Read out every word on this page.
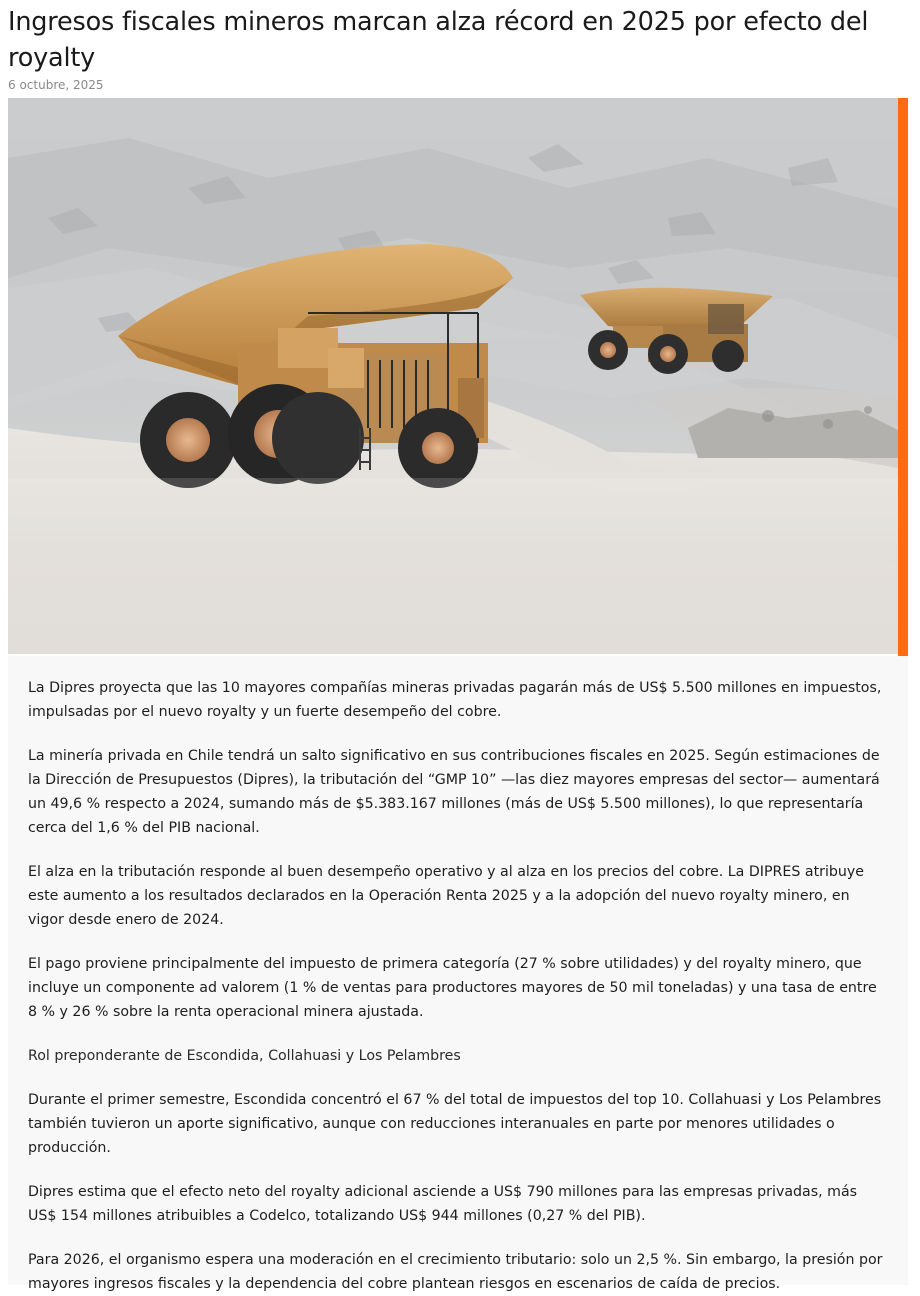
Ingresos fiscales mineros marcan alza récord en 2025 por efecto del royalty
6 octubre, 2025

La Dipres proyecta que las 10 mayores compañías mineras privadas pagarán más de US$ 5.500 millones en impuestos, impulsadas por el nuevo royalty y un fuerte desempeño del cobre.

La minería privada en Chile tendrá un salto significativo en sus contribuciones fiscales en 2025. Según estimaciones de la Dirección de Presupuestos (Dipres), la tributación del “GMP 10” —las diez mayores empresas del sector— aumentará un 49,6 % respecto a 2024, sumando más de $5.383.167 millones (más de US$ 5.500 millones), lo que representaría cerca del 1,6 % del PIB nacional.

El alza en la tributación responde al buen desempeño operativo y al alza en los precios del cobre. La DIPRES atribuye este aumento a los resultados declarados en la Operación Renta 2025 y a la adopción del nuevo royalty minero, en vigor desde enero de 2024.

El pago proviene principalmente del impuesto de primera categoría (27 % sobre utilidades) y del royalty minero, que incluye un componente ad valorem (1 % de ventas para productores mayores de 50 mil toneladas) y una tasa de entre 8 % y 26 % sobre la renta operacional minera ajustada.

Rol preponderante de Escondida, Collahuasi y Los Pelambres

Durante el primer semestre, Escondida concentró el 67 % del total de impuestos del top 10. Collahuasi y Los Pelambres también tuvieron un aporte significativo, aunque con reducciones interanuales en parte por menores utilidades o producción.

Dipres estima que el efecto neto del royalty adicional asciende a US$ 790 millones para las empresas privadas, más US$ 154 millones atribuibles a Codelco, totalizando US$ 944 millones (0,27 % del PIB).

Para 2026, el organismo espera una moderación en el crecimiento tributario: solo un 2,5 %. Sin embargo, la presión por mayores ingresos fiscales y la dependencia del cobre plantean riesgos en escenarios de caída de precios.
